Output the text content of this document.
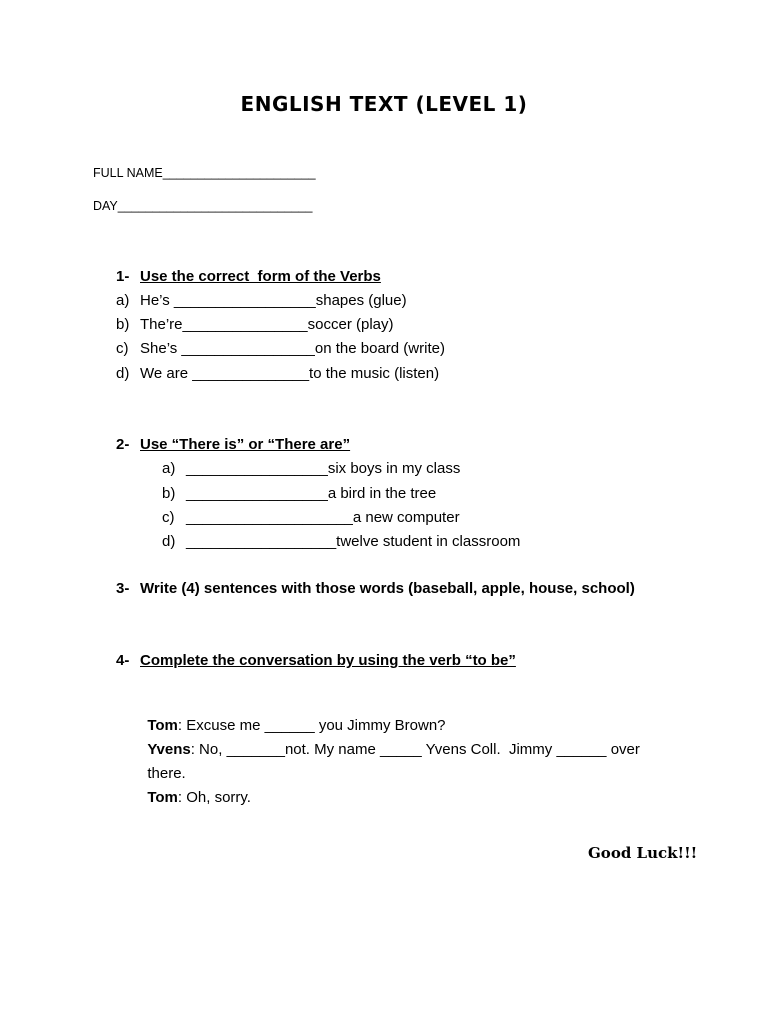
ENGLISH TEXT (LEVEL 1)
FULL NAME______________________
DAY____________________________
1- Use the correct  form of the Verbs
a) He’s _________________shapes (glue)
b) The’re_______________soccer (play)
c) She’s ________________on the board (write)
d) We are ______________to the music (listen)
2- Use “There is” or “There are”
a) _________________six boys in my class
b) _________________a bird in the tree
c) ____________________a new computer
d) __________________twelve student in classroom
3- Write (4) sentences with those words (baseball, apple, house, school)
4- Complete the conversation by using the verb “to be”

Tom: Excuse me ______ you Jimmy Brown?

Yvens: No, _______not. My name _____ Yvens Coll.  Jimmy ______ over

there.

Tom: Oh, sorry.

Good Luck!!!
